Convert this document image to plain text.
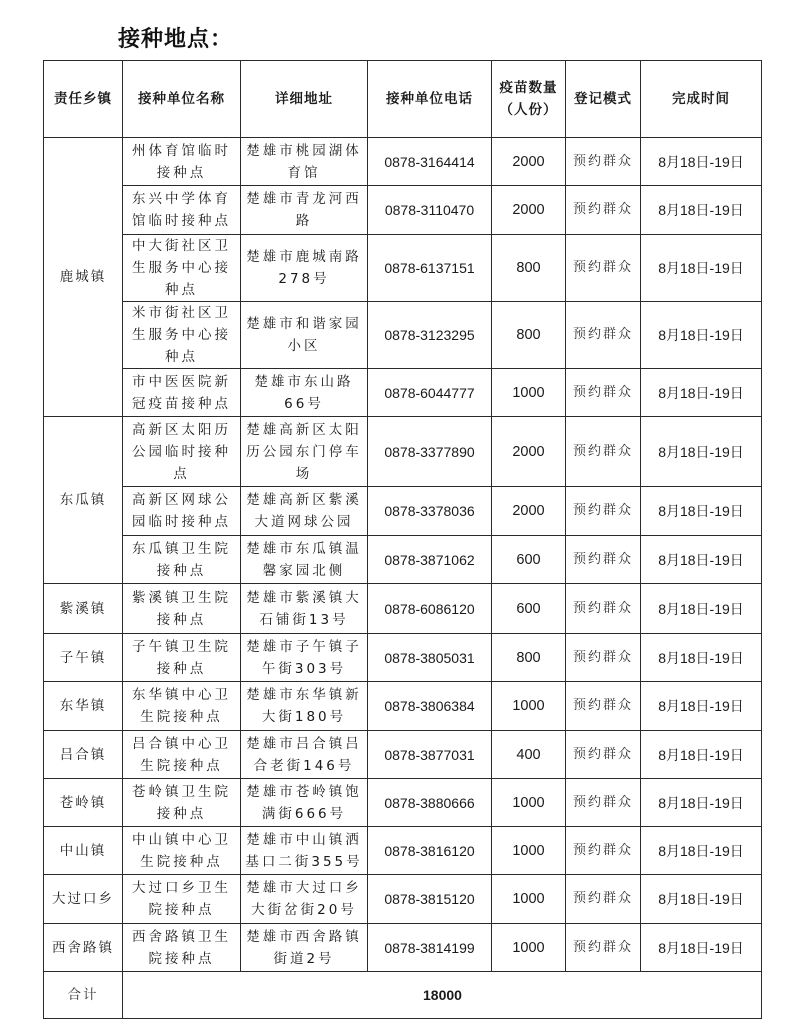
接种地点：
责任乡镇	接种单位名称	详细地址	接种单位电话	疫苗数量（人份）	登记模式	完成时间
鹿城镇	州体育馆临时接种点	楚雄市桃园湖体育馆	0878-3164414	2000	预约群众	8月18日-19日
	东兴中学体育馆临时接种点	楚雄市青龙河西路	0878-3110470	2000	预约群众	8月18日-19日
	中大街社区卫生服务中心接种点	楚雄市鹿城南路278号	0878-6137151	800	预约群众	8月18日-19日
	米市街社区卫生服务中心接种点	楚雄市和谐家园小区	0878-3123295	800	预约群众	8月18日-19日
	市中医医院新冠疫苗接种点	楚雄市东山路66号	0878-6044777	1000	预约群众	8月18日-19日
东瓜镇	高新区太阳历公园临时接种点	楚雄高新区太阳历公园东门停车场	0878-3377890	2000	预约群众	8月18日-19日
	高新区网球公园临时接种点	楚雄高新区紫溪大道网球公园	0878-3378036	2000	预约群众	8月18日-19日
	东瓜镇卫生院接种点	楚雄市东瓜镇温馨家园北侧	0878-3871062	600	预约群众	8月18日-19日
紫溪镇	紫溪镇卫生院接种点	楚雄市紫溪镇大石铺街13号	0878-6086120	600	预约群众	8月18日-19日
子午镇	子午镇卫生院接种点	楚雄市子午镇子午街303号	0878-3805031	800	预约群众	8月18日-19日
东华镇	东华镇中心卫生院接种点	楚雄市东华镇新大街180号	0878-3806384	1000	预约群众	8月18日-19日
吕合镇	吕合镇中心卫生院接种点	楚雄市吕合镇吕合老街146号	0878-3877031	400	预约群众	8月18日-19日
苍岭镇	苍岭镇卫生院接种点	楚雄市苍岭镇饱满街666号	0878-3880666	1000	预约群众	8月18日-19日
中山镇	中山镇中心卫生院接种点	楚雄市中山镇洒基口二街355号	0878-3816120	1000	预约群众	8月18日-19日
大过口乡	大过口乡卫生院接种点	楚雄市大过口乡大街岔街20号	0878-3815120	1000	预约群众	8月18日-19日
西舍路镇	西舍路镇卫生院接种点	楚雄市西舍路镇街道2号	0878-3814199	1000	预约群众	8月18日-19日
合计	18000					
